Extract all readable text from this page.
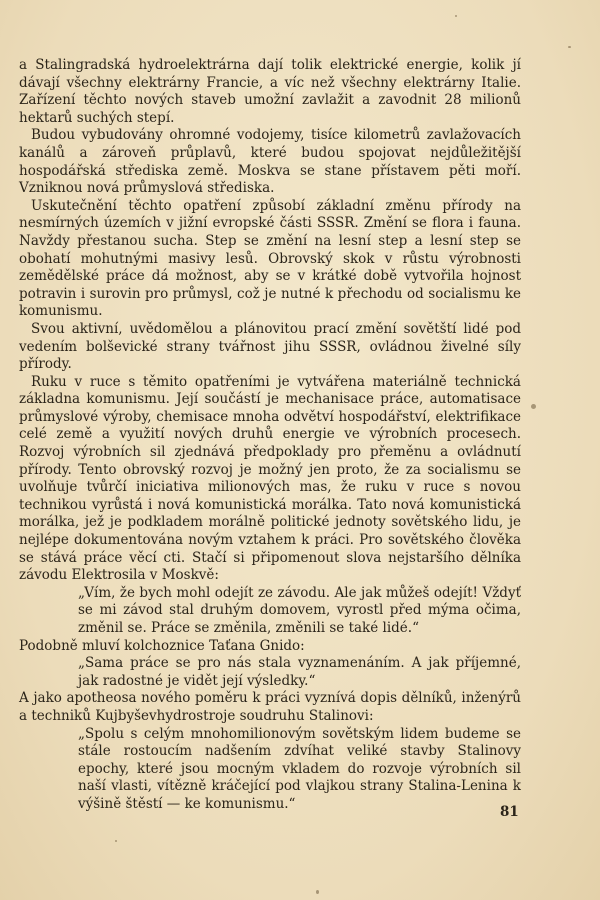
a Stalingradská hydroelektrárna dají tolik elektrické energie, kolik jí dávají všechny elektrárny Francie, a víc než všechny elektrárny Italie. Zařízení těchto nových staveb umožní zavlažit a zavodnit 28 milionů hektarů suchých stepí.

Budou vybudovány ohromné vodojemy, tisíce kilometrů zavlažovacích kanálů a zároveň průplavů, které budou spojovat nejdůležitější hospodářská střediska země. Moskva se stane přístavem pěti moří. Vzniknou nová průmyslová střediska.

Uskutečnění těchto opatření způsobí základní změnu přírody na nesmírných územích v jižní evropské části SSSR. Změní se flora i fauna. Navždy přestanou sucha. Step se změní na lesní step a lesní step se obohatí mohutnými masivy lesů. Obrovský skok v růstu výrobnosti zemědělské práce dá možnost, aby se v krátké době vytvořila hojnost potravin i surovin pro průmysl, což je nutné k přechodu od socialismu ke komunismu.

Svou aktivní, uvědomělou a plánovitou prací změní sovětští lidé pod vedením bolševické strany tvářnost jihu SSSR, ovládnou živelné síly přírody.

Ruku v ruce s těmito opatřeními je vytvářena materiálně technická základna komunismu. Její součástí je mechanisace práce, automatisace průmyslové výroby, chemisace mnoha odvětví hospodářství, elektrifikace celé země a využití nových druhů energie ve výrobních procesech. Rozvoj výrobních sil zjednává předpoklady pro přeměnu a ovládnutí přírody. Tento obrovský rozvoj je možný jen proto, že za socialismu se uvolňuje tvůrčí iniciativa milionových mas, že ruku v ruce s novou technikou vyrůstá i nová komunistická morálka. Tato nová komunistická morálka, jež je podkladem morálně politické jednoty sovětského lidu, je nejlépe dokumentována novým vztahem k práci. Pro sovětského člověka se stává práce věcí cti. Stačí si připomenout slova nejstaršího dělníka závodu Elektrosila v Moskvě:

„Vím, že bych mohl odejít ze závodu. Ale jak můžeš odejít! Vždyť se mi závod stal druhým domovem, vyrostl před mýma očima, změnil se. Práce se změnila, změnili se také lidé.“

Podobně mluví kolchoznice Taťana Gnido:

„Sama práce se pro nás stala vyznamenáním. A jak příjemné, jak radostné je vidět její výsledky.“

A jako apotheosa nového poměru k práci vyznívá dopis dělníků, inženýrů a techniků Kujbyševhydrostroje soudruhu Stalinovi:

„Spolu s celým mnohomilionovým sovětským lidem budeme se stále rostoucím nadšením zdvíhat veliké stavby Stalinovy epochy, které jsou mocným vkladem do rozvoje výrobních sil naší vlasti, vítězně kráčející pod vlajkou strany Stalina-Lenina k výšině štěstí — ke komunismu.“

81
